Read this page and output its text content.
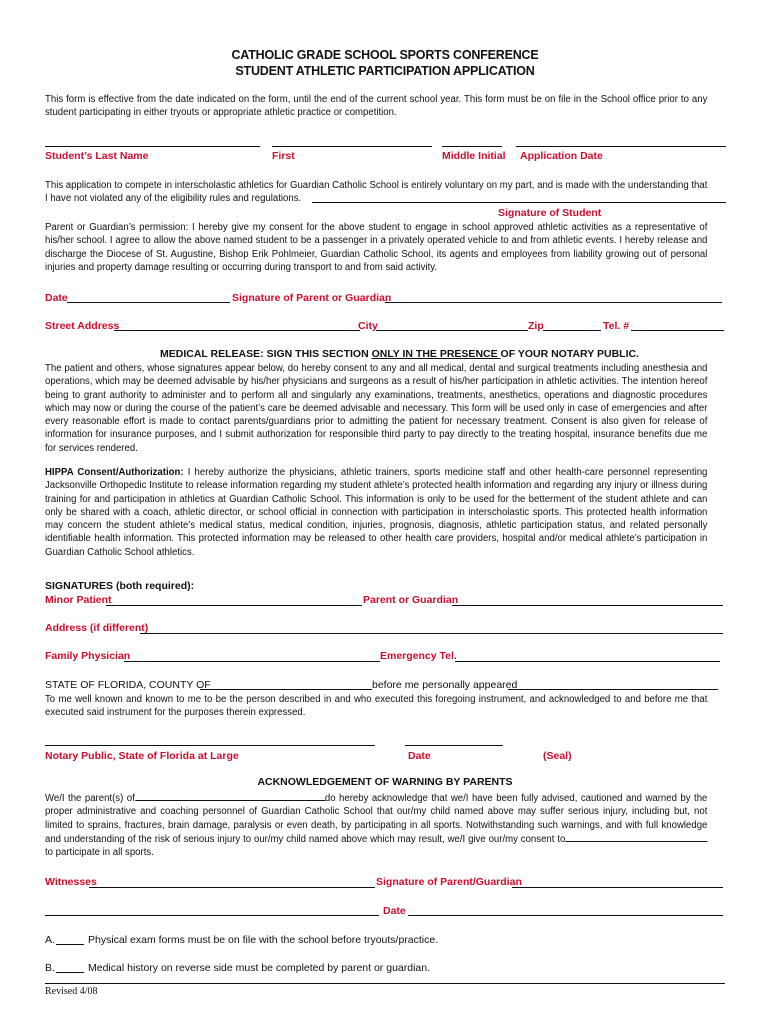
CATHOLIC GRADE SCHOOL SPORTS CONFERENCE
STUDENT ATHLETIC PARTICIPATION APPLICATION
This form is effective from the date indicated on the form, until the end of the current school year. This form must be on file in the School office prior to any student participating in either tryouts or appropriate athletic practice or competition.
Student’s Last Name	First	Middle Initial Application Date
This application to compete in interscholastic athletics for Guardian Catholic School is entirely voluntary on my part, and is made with the understanding that I have not violated any of the eligibility rules and regulations.
Signature of Student
Parent or Guardian’s permission: I hereby give my consent for the above student to engage in school approved athletic activities as a representative of his/her school. I agree to allow the above named student to be a passenger in a privately operated vehicle to and from athletic events. I hereby release and discharge the Diocese of St. Augustine, Bishop Erik Pohlmeier, Guardian Catholic School, its agents and employees from liability growing out of personal injuries and property damage resulting or occurring during transport to and from said activity.
Date	Signature of Parent or Guardian
Street Address	City	Zip	Tel. #
MEDICAL RELEASE: SIGN THIS SECTION ONLY IN THE PRESENCE OF YOUR NOTARY PUBLIC.
The patient and others, whose signatures appear below, do hereby consent to any and all medical, dental and surgical treatments including anesthesia and operations, which may be deemed advisable by his/her physicians and surgeons as a result of his/her participation in athletic activities. The intention hereof being to grant authority to administer and to perform all and singularly any examinations, treatments, anesthetics, operations and diagnostic procedures which may now or during the course of the patient’s care be deemed advisable and necessary. This form will be used only in case of emergencies and after every reasonable effort is made to contact parents/guardians prior to admitting the patient for necessary treatment. Consent is also given for release of information for insurance purposes, and I submit authorization for responsible third party to pay directly to the treating hospital, insurance benefits due me for services rendered.
HIPPA Consent/Authorization: I hereby authorize the physicians, athletic trainers, sports medicine staff and other health-care personnel representing Jacksonville Orthopedic Institute to release information regarding my student athlete’s protected health information and regarding any injury or illness during training for and participation in athletics at Guardian Catholic School. This information is only to be used for the betterment of the student athlete and can only be shared with a coach, athletic director, or school official in connection with participation in interscholastic sports. This protected health information may concern the student athlete’s medical status, medical condition, injuries, prognosis, diagnosis, athletic participation status, and related personally identifiable health information. This protected information may be released to other health care providers, hospital and/or medical athlete’s participation in Guardian Catholic School athletics.
SIGNATURES (both required):
Minor Patient	Parent or Guardian
Address (if different)
Family Physician	Emergency Tel.
STATE OF FLORIDA, COUNTY OF	before me personally appeared
To me well known and known to me to be the person described in and who executed this foregoing instrument, and acknowledged to and before me that executed said instrument for the purposes therein expressed.
Notary Public, State of Florida at Large	Date	(Seal)
ACKNOWLEDGEMENT OF WARNING BY PARENTS
We/I the parent(s) of	do hereby acknowledge that we/I have been fully advised, cautioned and warned by the proper administrative and coaching personnel of Guardian Catholic School that our/my child named above may suffer serious injury, including but, not limited to sprains, fractures, brain damage, paralysis or even death, by participating in all sports. Notwithstanding such warnings, and with full knowledge and understanding of the risk of serious injury to our/my child named above which may result, we/I give our/my consent to to participate in all sports.
Witnesses	Signature of Parent/Guardian
Date
A.	Physical exam forms must be on file with the school before tryouts/practice.
B.	Medical history on reverse side must be completed by parent or guardian.
Revised 4/08
